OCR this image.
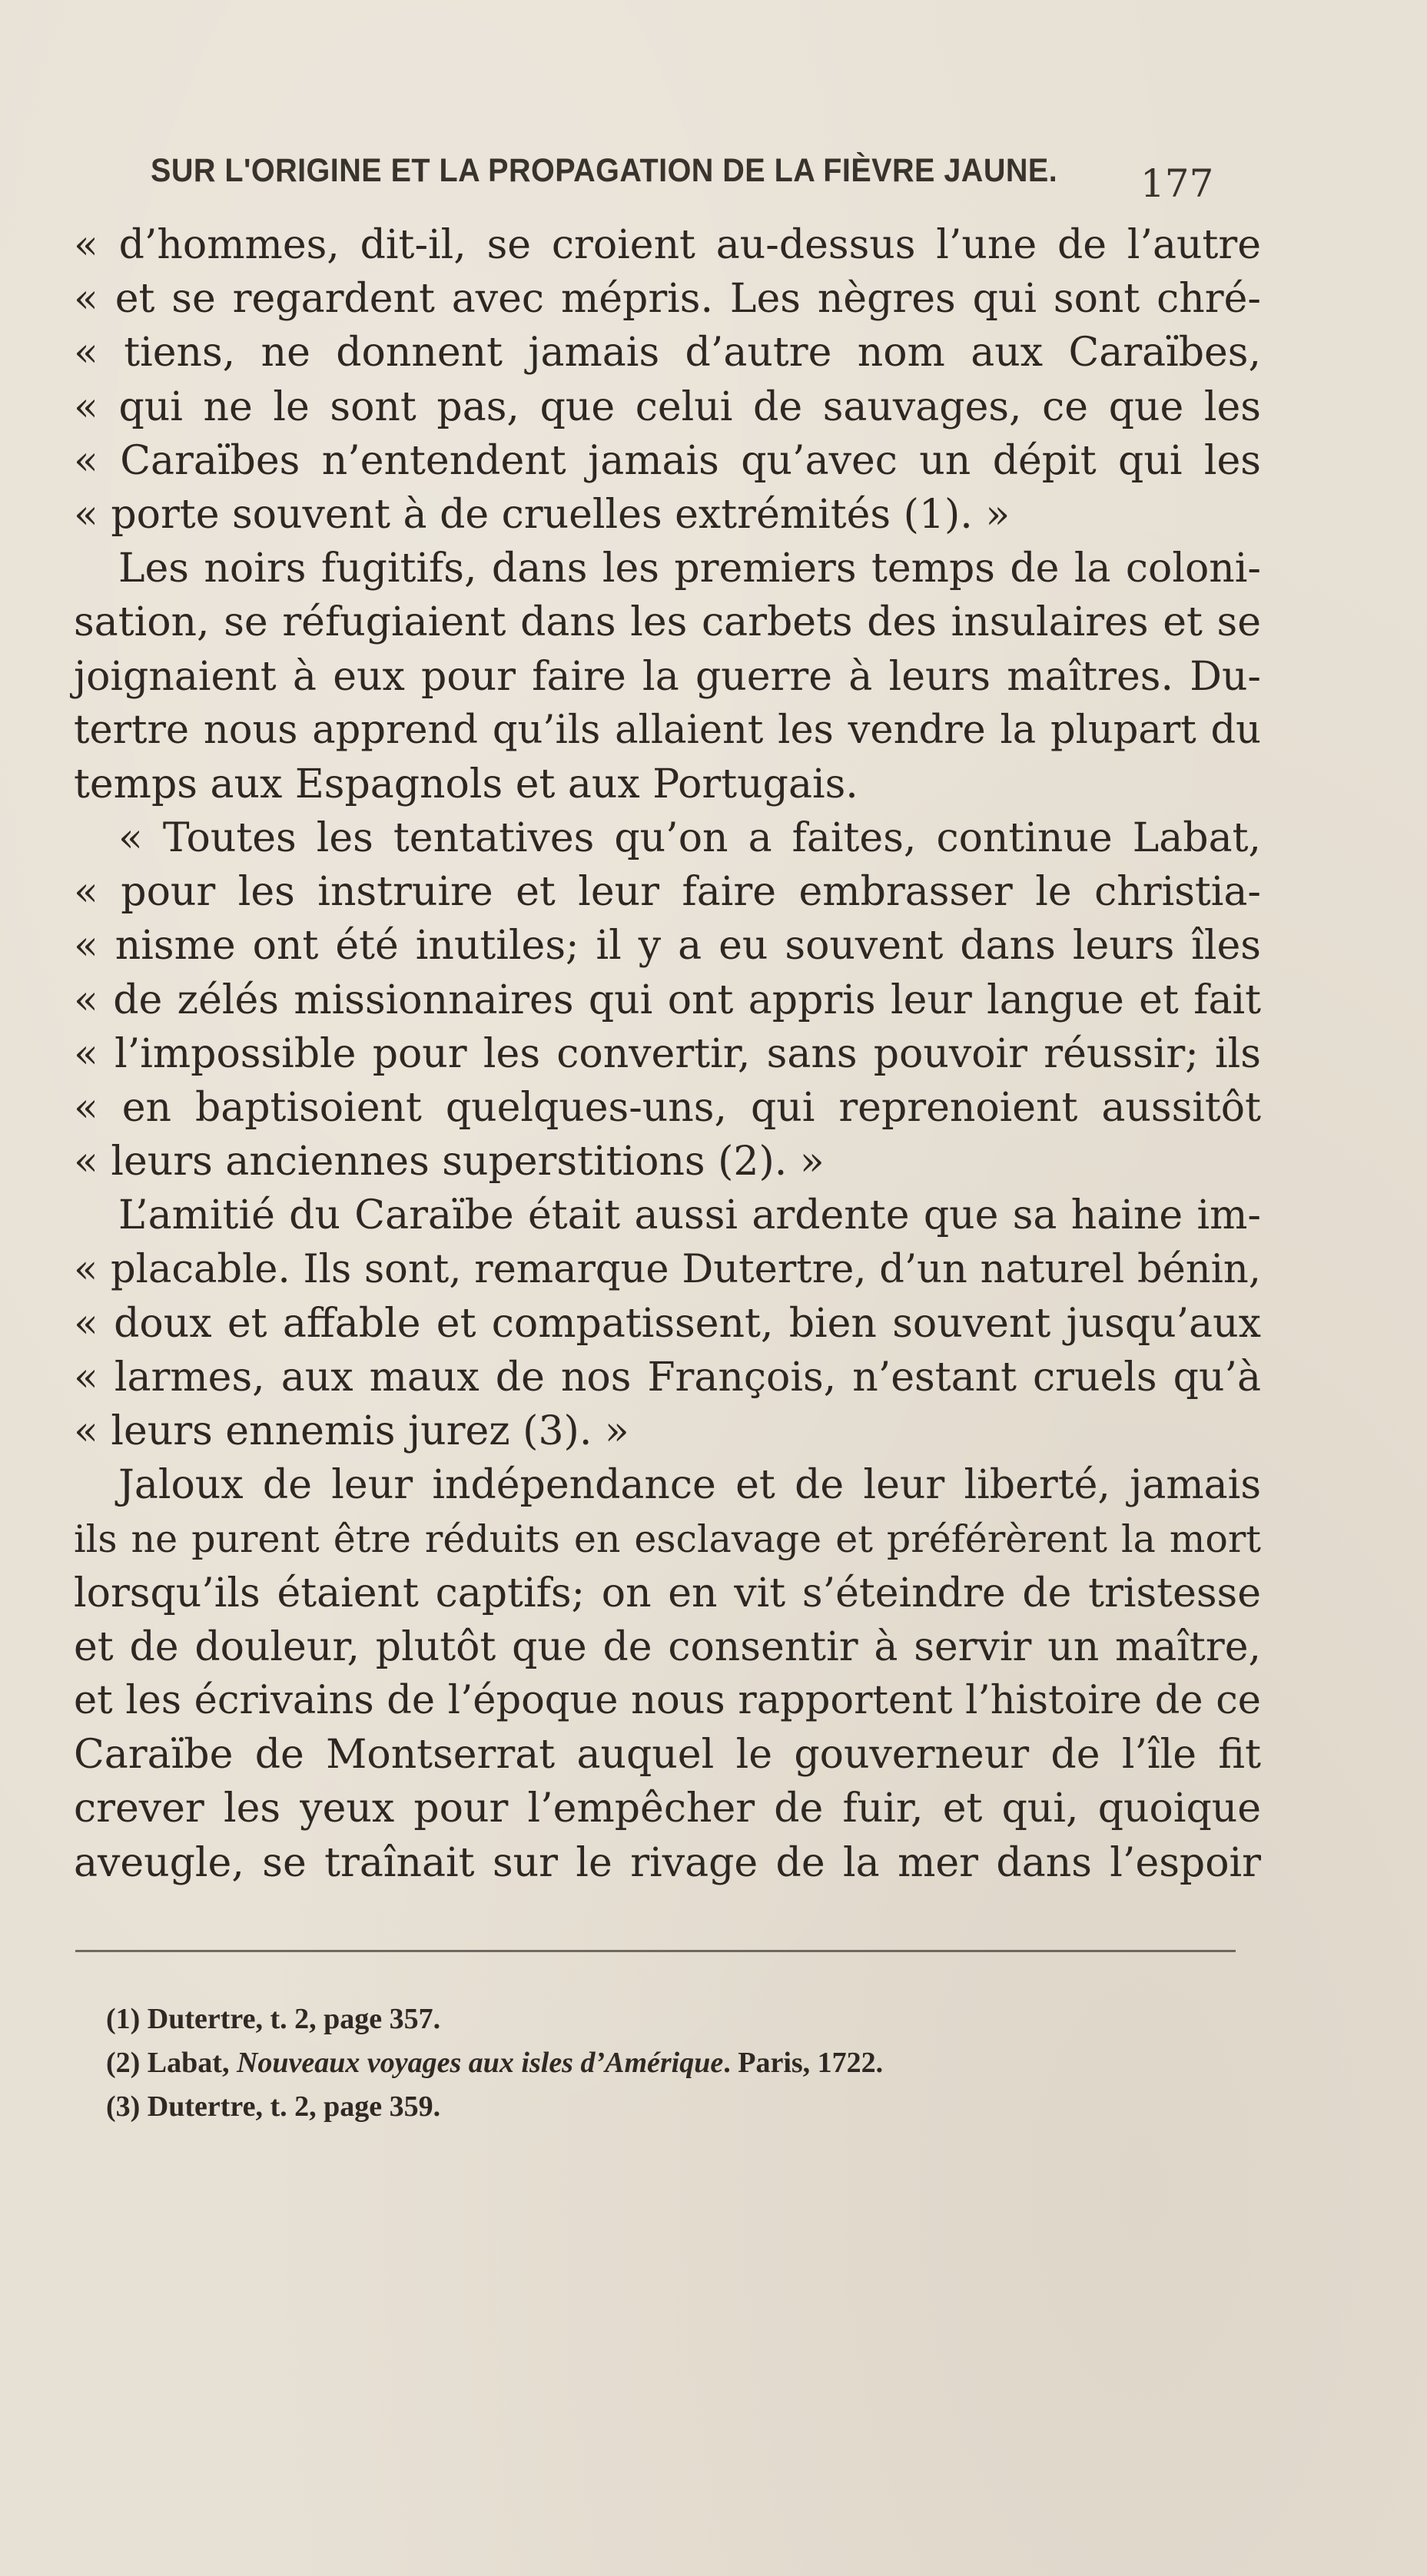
SUR L'ORIGINE ET LA PROPAGATION DE LA FIÈVRE JAUNE.	177
« d’hommes, dit-il, se croient au-dessus l’une de l’autre
« et se regardent avec mépris. Les nègres qui sont chré-
« tiens, ne donnent jamais d’autre nom aux Caraïbes,
« qui ne le sont pas, que celui de sauvages, ce que les
« Caraïbes n’entendent jamais qu’avec un dépit qui les
« porte souvent à de cruelles extrémités (1). »
Les noirs fugitifs, dans les premiers temps de la coloni-
sation, se réfugiaient dans les carbets des insulaires et se
joignaient à eux pour faire la guerre à leurs maîtres. Du-
tertre nous apprend qu’ils allaient les vendre la plupart du
temps aux Espagnols et aux Portugais.
« Toutes les tentatives qu’on a faites, continue Labat,
« pour les instruire et leur faire embrasser le christia-
« nisme ont été inutiles; il y a eu souvent dans leurs îles
« de zélés missionnaires qui ont appris leur langue et fait
« l’impossible pour les convertir, sans pouvoir réussir; ils
« en baptisoient quelques-uns, qui reprenoient aussitôt
« leurs anciennes superstitions (2). »
L’amitié du Caraïbe était aussi ardente que sa haine im-
« placable. Ils sont, remarque Dutertre, d’un naturel bénin,
« doux et affable et compatissent, bien souvent jusqu’aux
« larmes, aux maux de nos François, n’estant cruels qu’à
« leurs ennemis jurez (3). »
Jaloux de leur indépendance et de leur liberté, jamais
ils ne purent être réduits en esclavage et préférèrent la mort
lorsqu’ils étaient captifs; on en vit s’éteindre de tristesse
et de douleur, plutôt que de consentir à servir un maître,
et les écrivains de l’époque nous rapportent l’histoire de ce
Caraïbe de Montserrat auquel le gouverneur de l’île fit
crever les yeux pour l’empêcher de fuir, et qui, quoique
aveugle, se traînait sur le rivage de la mer dans l’espoir
(1) Dutertre, t. 2, page 357.
(2) Labat, Nouveaux voyages aux isles d’Amérique. Paris, 1722.
(3) Dutertre, t. 2, page 359.
